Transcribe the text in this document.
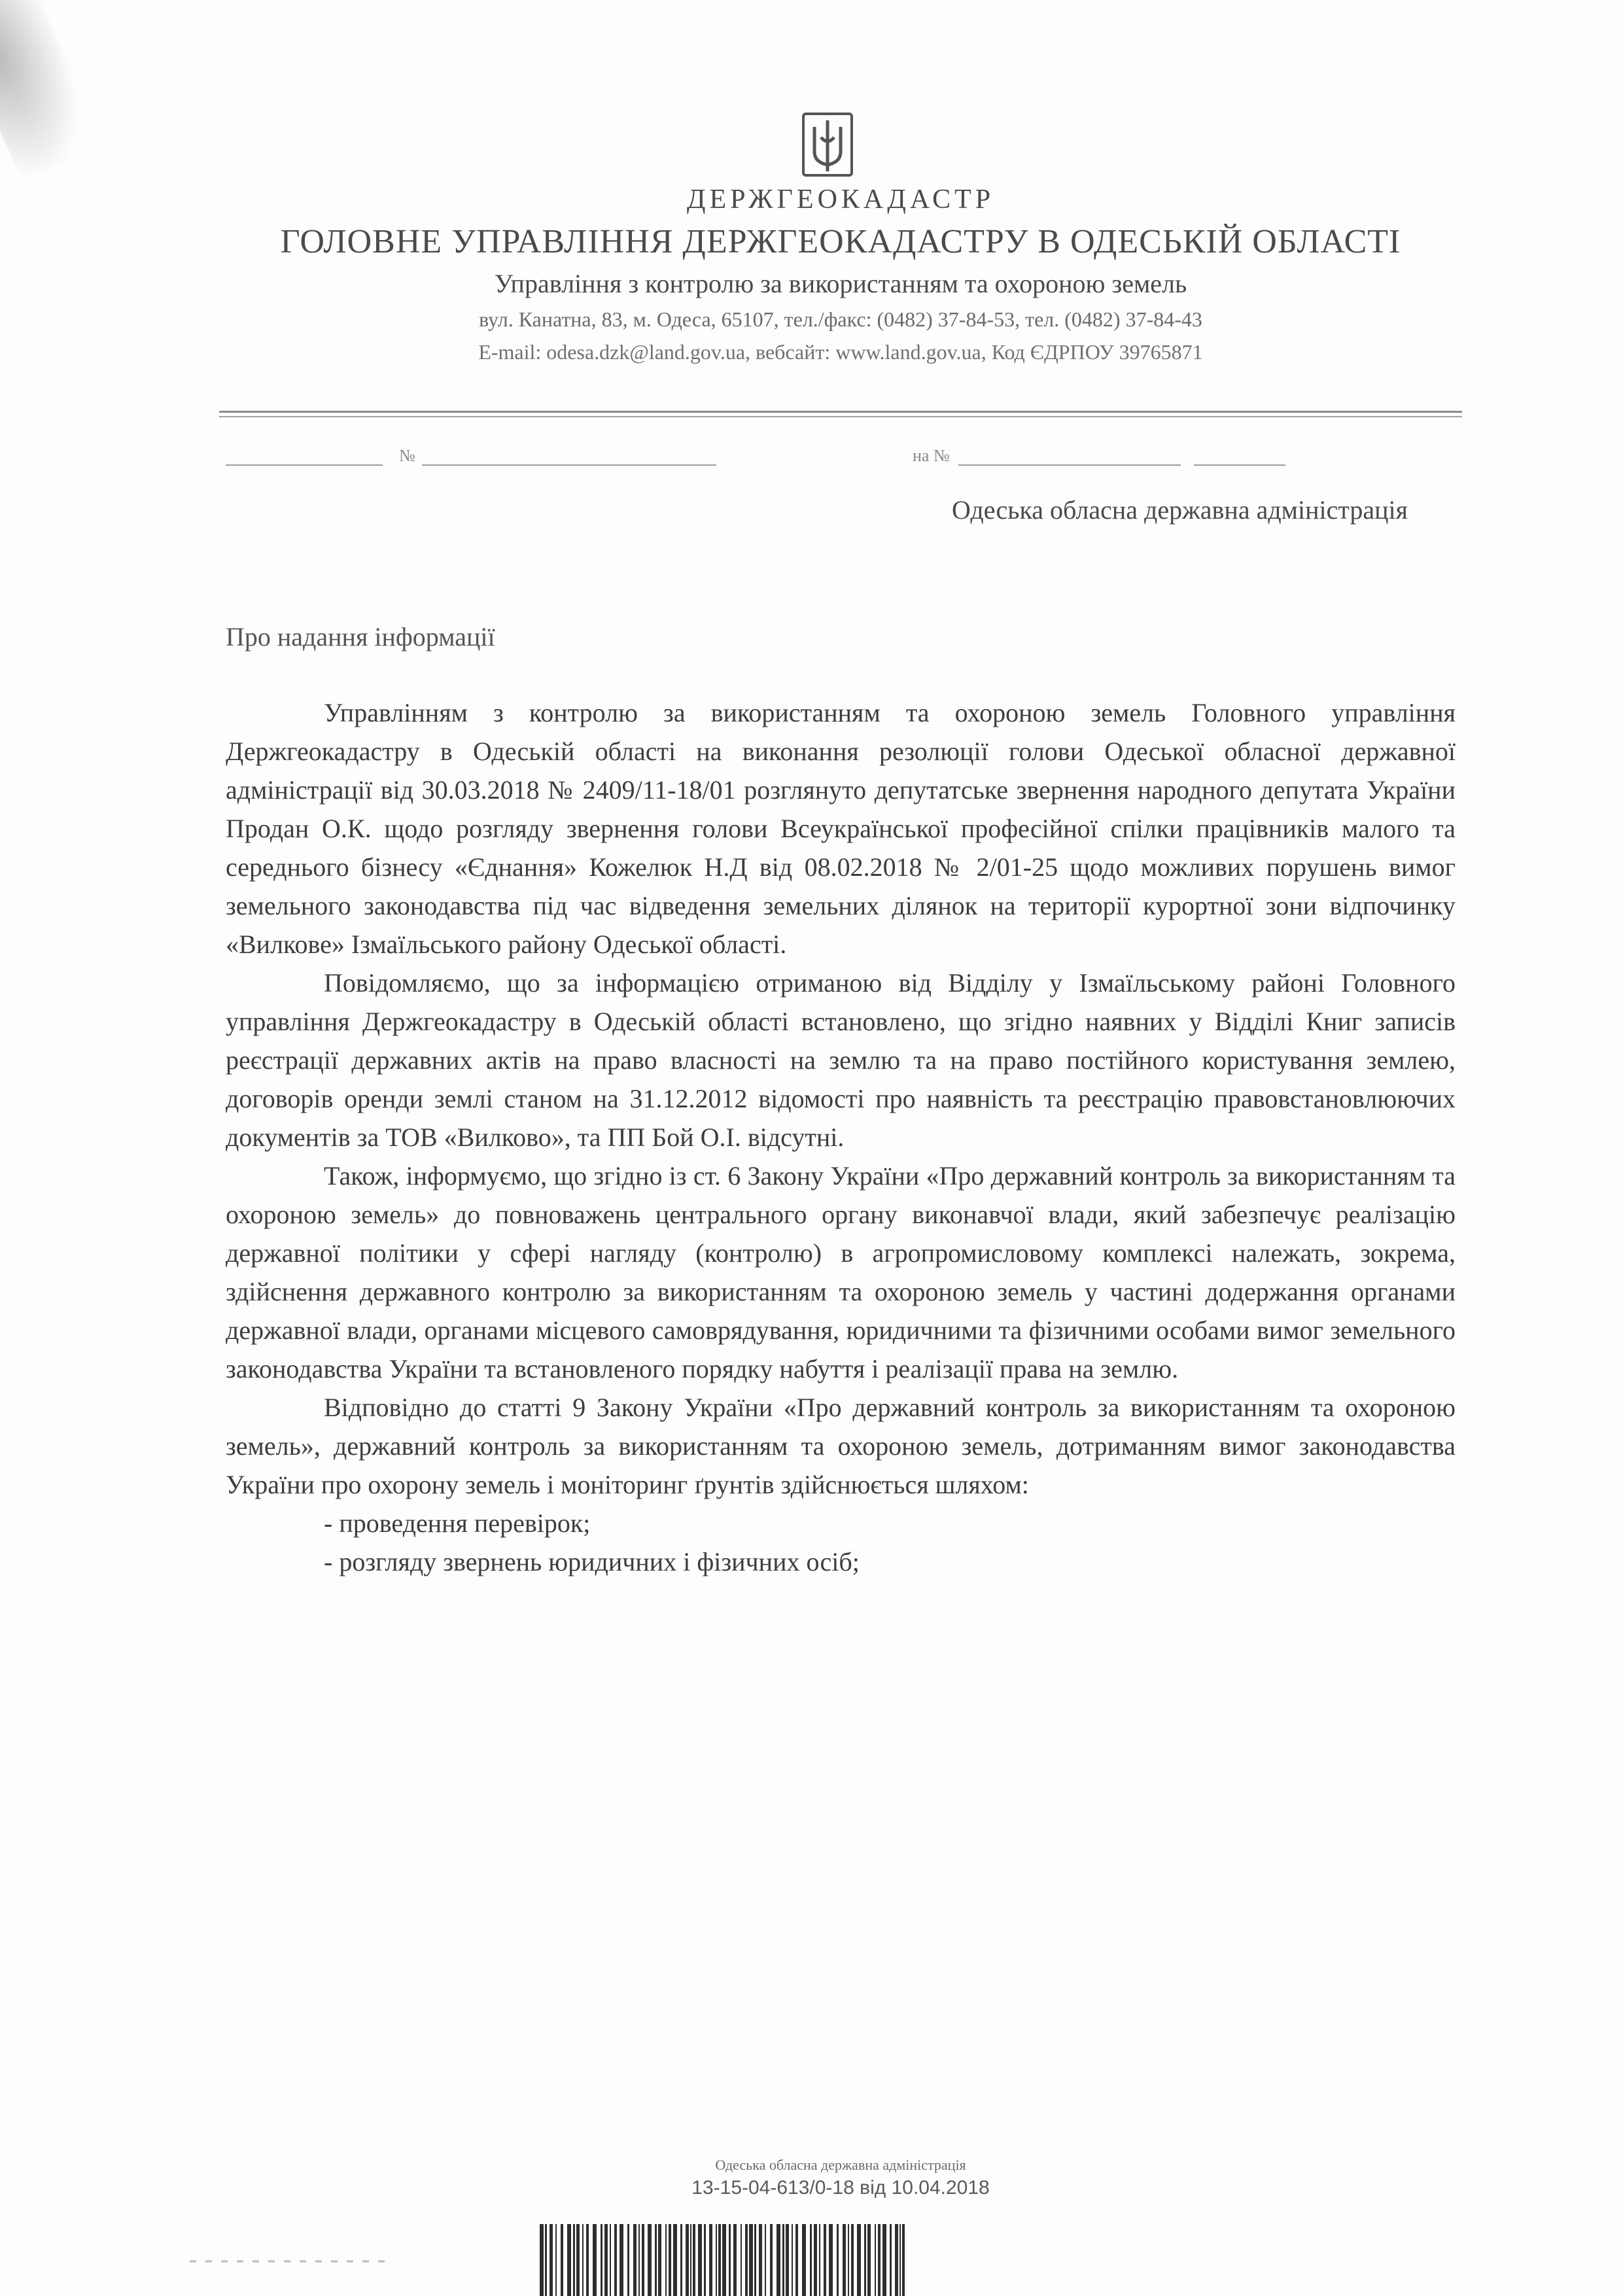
ДЕРЖГЕОКАДАСТР
ГОЛОВНЕ УПРАВЛІННЯ ДЕРЖГЕОКАДАСТРУ В ОДЕСЬКІЙ ОБЛАСТІ
Управління з контролю за використанням та охороною земель
вул. Канатна, 83, м. Одеса, 65107, тел./факс: (0482) 37-84-53, тел. (0482) 37-84-43
E-mail: odesa.dzk@land.gov.ua, вебсайт: www.land.gov.ua, Код ЄДРПОУ 39765871
№	на №
Одеська обласна державна адміністрація
Про надання інформації

Управлінням з контролю за використанням та охороною земель Головного управління Держгеокадастру в Одеській області на виконання резолюції голови Одеської обласної державної адміністрації від 30.03.2018 № 2409/11-18/01 розглянуто депутатське звернення народного депутата України Продан О.К. щодо розгляду звернення голови Всеукраїнської професійної спілки працівників малого та середнього бізнесу «Єднання» Кожелюк Н.Д від 08.02.2018 № 2/01-25 щодо можливих порушень вимог земельного законодавства під час відведення земельних ділянок на території курортної зони відпочинку «Вилкове» Ізмаїльського району Одеської області.

Повідомляємо, що за інформацією отриманою від Відділу у Ізмаїльському районі Головного управління Держгеокадастру в Одеській області встановлено, що згідно наявних у Відділі Книг записів реєстрації державних актів на право власності на землю та на право постійного користування землею, договорів оренди землі станом на 31.12.2012 відомості про наявність та реєстрацію правовстановлюючих документів за ТОВ «Вилково», та ПП Бой О.І. відсутні.

Також, інформуємо, що згідно із ст. 6 Закону України «Про державний контроль за використанням та охороною земель» до повноважень центрального органу виконавчої влади, який забезпечує реалізацію державної політики у сфері нагляду (контролю) в агропромисловому комплексі належать, зокрема, здійснення державного контролю за використанням та охороною земель у частині додержання органами державної влади, органами місцевого самоврядування, юридичними та фізичними особами вимог земельного законодавства України та встановленого порядку набуття і реалізації права на землю.

Відповідно до статті 9 Закону України «Про державний контроль за використанням та охороною земель», державний контроль за використанням та охороною земель, дотриманням вимог законодавства України про охорону земель і моніторинг ґрунтів здійснюється шляхом:

- проведення перевірок;

- розгляду звернень юридичних і фізичних осіб;

Одеська обласна державна адміністрація
13-15-04-613/0-18 від 10.04.2018
